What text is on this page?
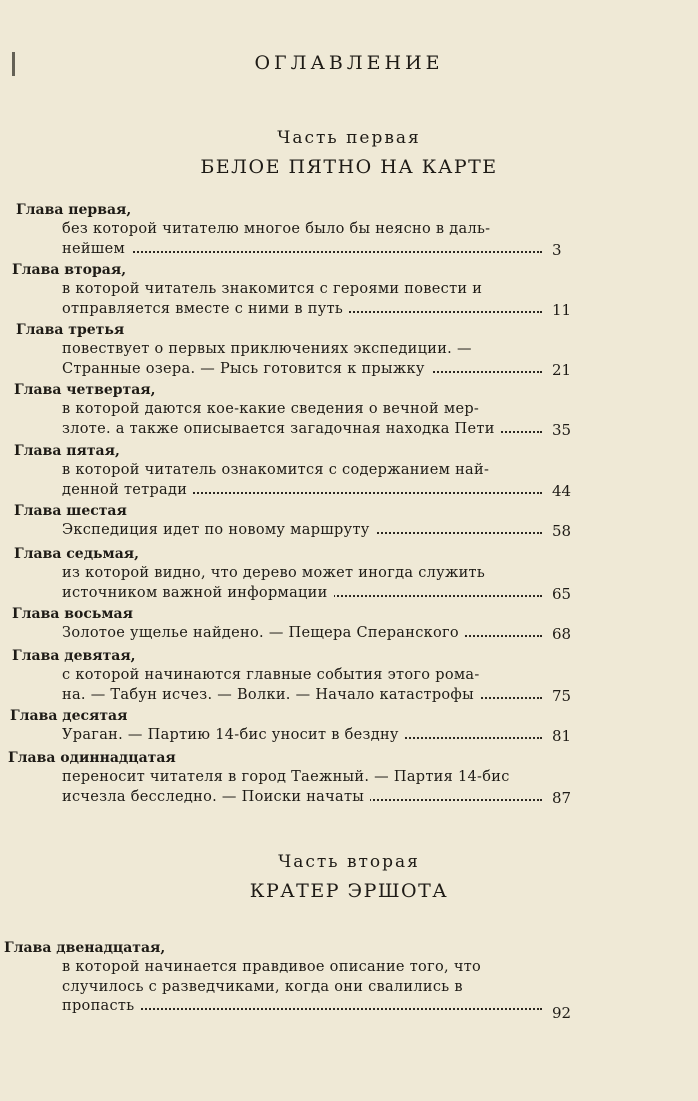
ОГЛАВЛЕНИЕ
Часть первая
БЕЛОЕ ПЯТНО НА КАРТЕ
Часть вторая
КРАТЕР ЭРШОТА
Глава первая,
без которой читателю многое было бы неясно в даль-
нейшем	3
Глава вторая,
в которой читатель знакомится с героями повести и
отправляется вместе с ними в путь	11
Глава третья
повествует о первых приключениях экспедиции. —
Странные озера. — Рысь готовится к прыжку	21
Глава четвертая,
в которой даются кое-какие сведения о вечной мер-
злоте. а также описывается загадочная находка Пети	35
Глава пятая,
в которой читатель ознакомится с содержанием най-
денной тетради	44
Глава шестая
Экспедиция идет по новому маршруту	58
Глава седьмая,
из которой видно, что дерево может иногда служить
источником важной информации	65
Глава восьмая
Золотое ущелье найдено. — Пещера Сперанского	68
Глава девятая,
с которой начинаются главные события этого рома-
на. — Табун исчез. — Волки. — Начало катастрофы	75
Глава десятая
Ураган. — Партию 14-бис уносит в бездну	81
Глава одиннадцатая
переносит читателя в город Таежный. — Партия 14-бис
исчезла бесследно. — Поиски начаты	87
Глава двенадцатая,
в которой начинается правдивое описание того, что
случилось с разведчиками, когда они свалились в
пропасть	92
